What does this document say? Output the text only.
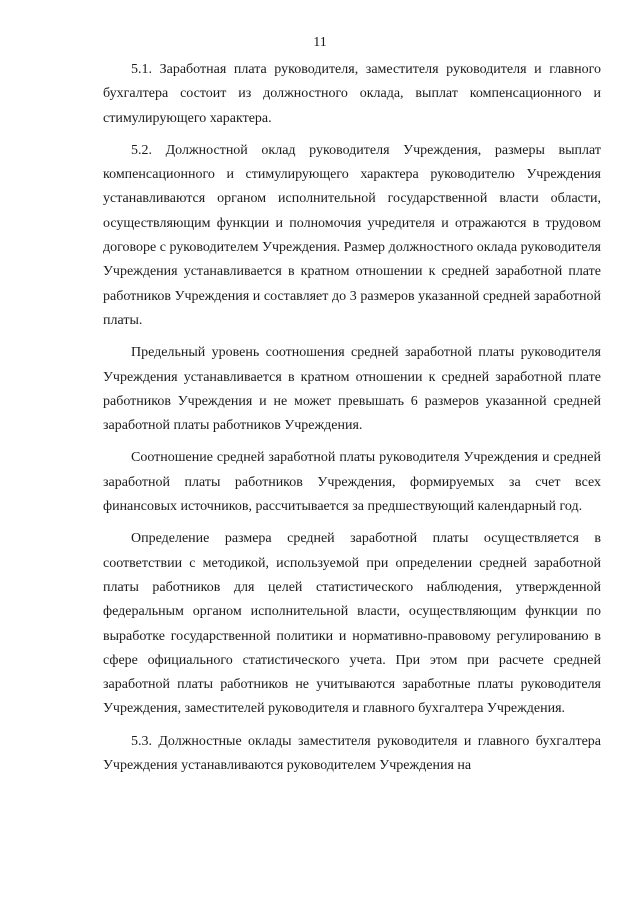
11

5.1. Заработная плата руководителя, заместителя руководителя и главного бухгалтера состоит из должностного оклада, выплат компенсационного и стимулирующего характера.

5.2. Должностной оклад руководителя Учреждения, размеры выплат компенсационного и стимулирующего характера руководителю Учреждения устанавливаются органом исполнительной государственной власти области, осуществляющим функции и полномочия учредителя и отражаются в трудовом договоре с руководителем Учреждения. Размер должностного оклада руководителя Учреждения устанавливается в кратном отношении к средней заработной плате работников Учреждения и составляет до 3 размеров указанной средней заработной платы.

Предельный уровень соотношения средней заработной платы руководителя Учреждения устанавливается в кратном отношении к средней заработной плате работников Учреждения и не может превышать 6 размеров указанной средней заработной платы работников Учреждения.

Соотношение средней заработной платы руководителя Учреждения и средней заработной платы работников Учреждения, формируемых за счет всех финансовых источников, рассчитывается за предшествующий календарный год.

Определение размера средней заработной платы осуществляется в соответствии с методикой, используемой при определении средней заработной платы работников для целей статистического наблюдения, утвержденной федеральным органом исполнительной власти, осуществляющим функции по выработке государственной политики и нормативно-правовому регулированию в сфере официального статистического учета. При этом при расчете средней заработной платы работников не учитываются заработные платы руководителя Учреждения, заместителей руководителя и главного бухгалтера Учреждения.

5.3. Должностные оклады заместителя руководителя и главного бухгалтера Учреждения устанавливаются руководителем Учреждения на
